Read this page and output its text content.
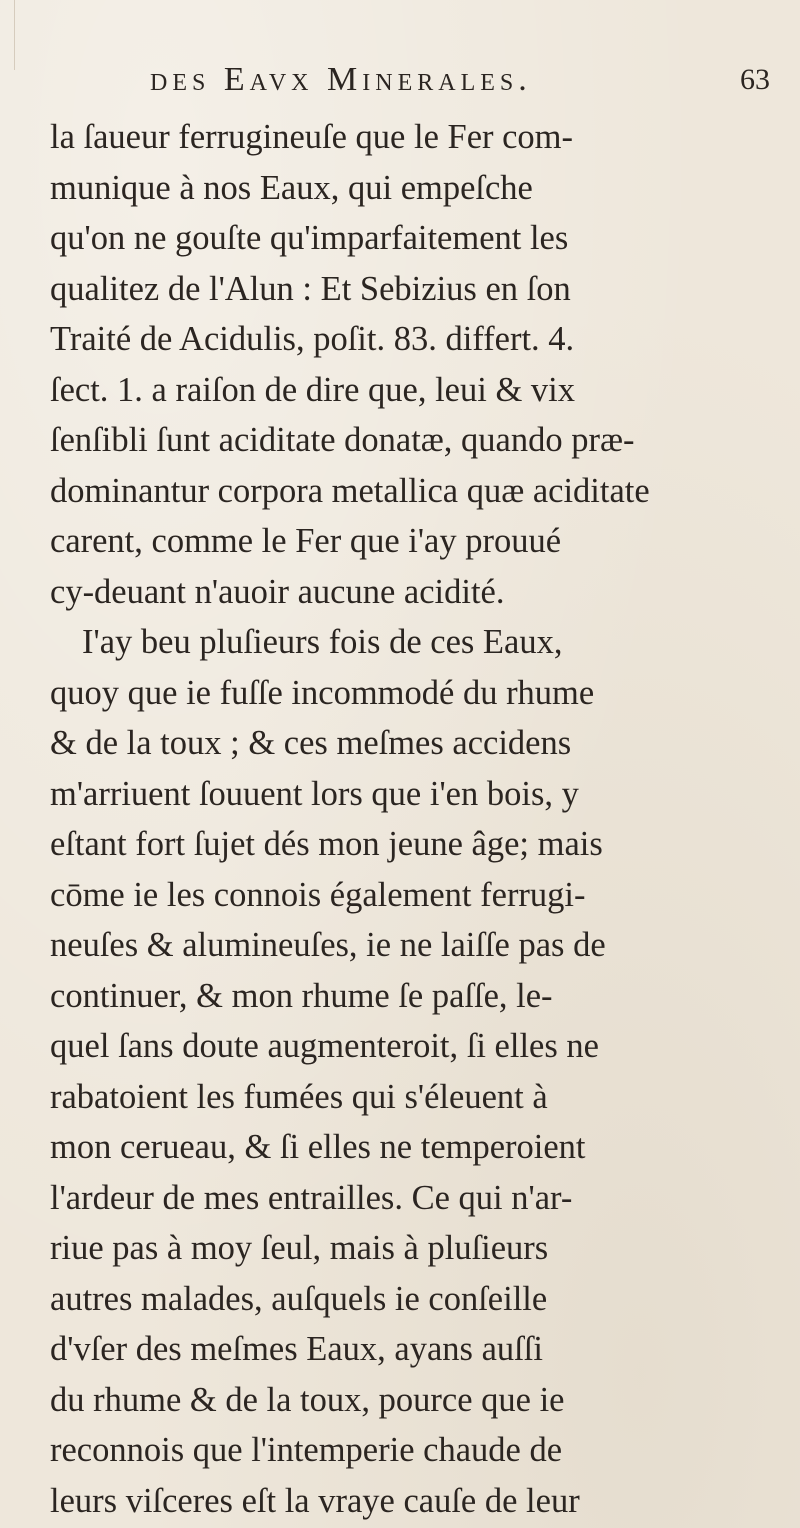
des Eavx Minerales.	63
la ſaueur ferrugineuſe que le Fer com-
munique à nos Eaux, qui empeſche
qu'on ne gouſte qu'imparfaitement les
qualitez de l'Alun : Et Sebizius en ſon
Traité de Acidulis, poſit. 83. differt. 4.
ſect. 1. a raiſon de dire que, leui & vix
ſenſibli ſunt aciditate donatæ, quando præ-
dominantur corpora metallica quæ aciditate
carent, comme le Fer que i'ay prouué
cy-deuant n'auoir aucune acidité.
I'ay beu pluſieurs fois de ces Eaux,
quoy que ie fuſſe incommodé du rhume
& de la toux ; & ces meſmes accidens
m'arriuent ſouuent lors que i'en bois, y
eſtant fort ſujet dés mon jeune âge; mais
cōme ie les connois également ferrugi-
neuſes & alumineuſes, ie ne laiſſe pas de
continuer, & mon rhume ſe paſſe, le-
quel ſans doute augmenteroit, ſi elles ne
rabatoient les fumées qui s'éleuent à
mon cerueau, & ſi elles ne temperoient
l'ardeur de mes entrailles. Ce qui n'ar-
riue pas à moy ſeul, mais à pluſieurs
autres malades, auſquels ie conſeille
d'vſer des meſmes Eaux, ayans auſſi
du rhume & de la toux, pource que ie
reconnois que l'intemperie chaude de
leurs viſceres eſt la vraye cauſe de leur
